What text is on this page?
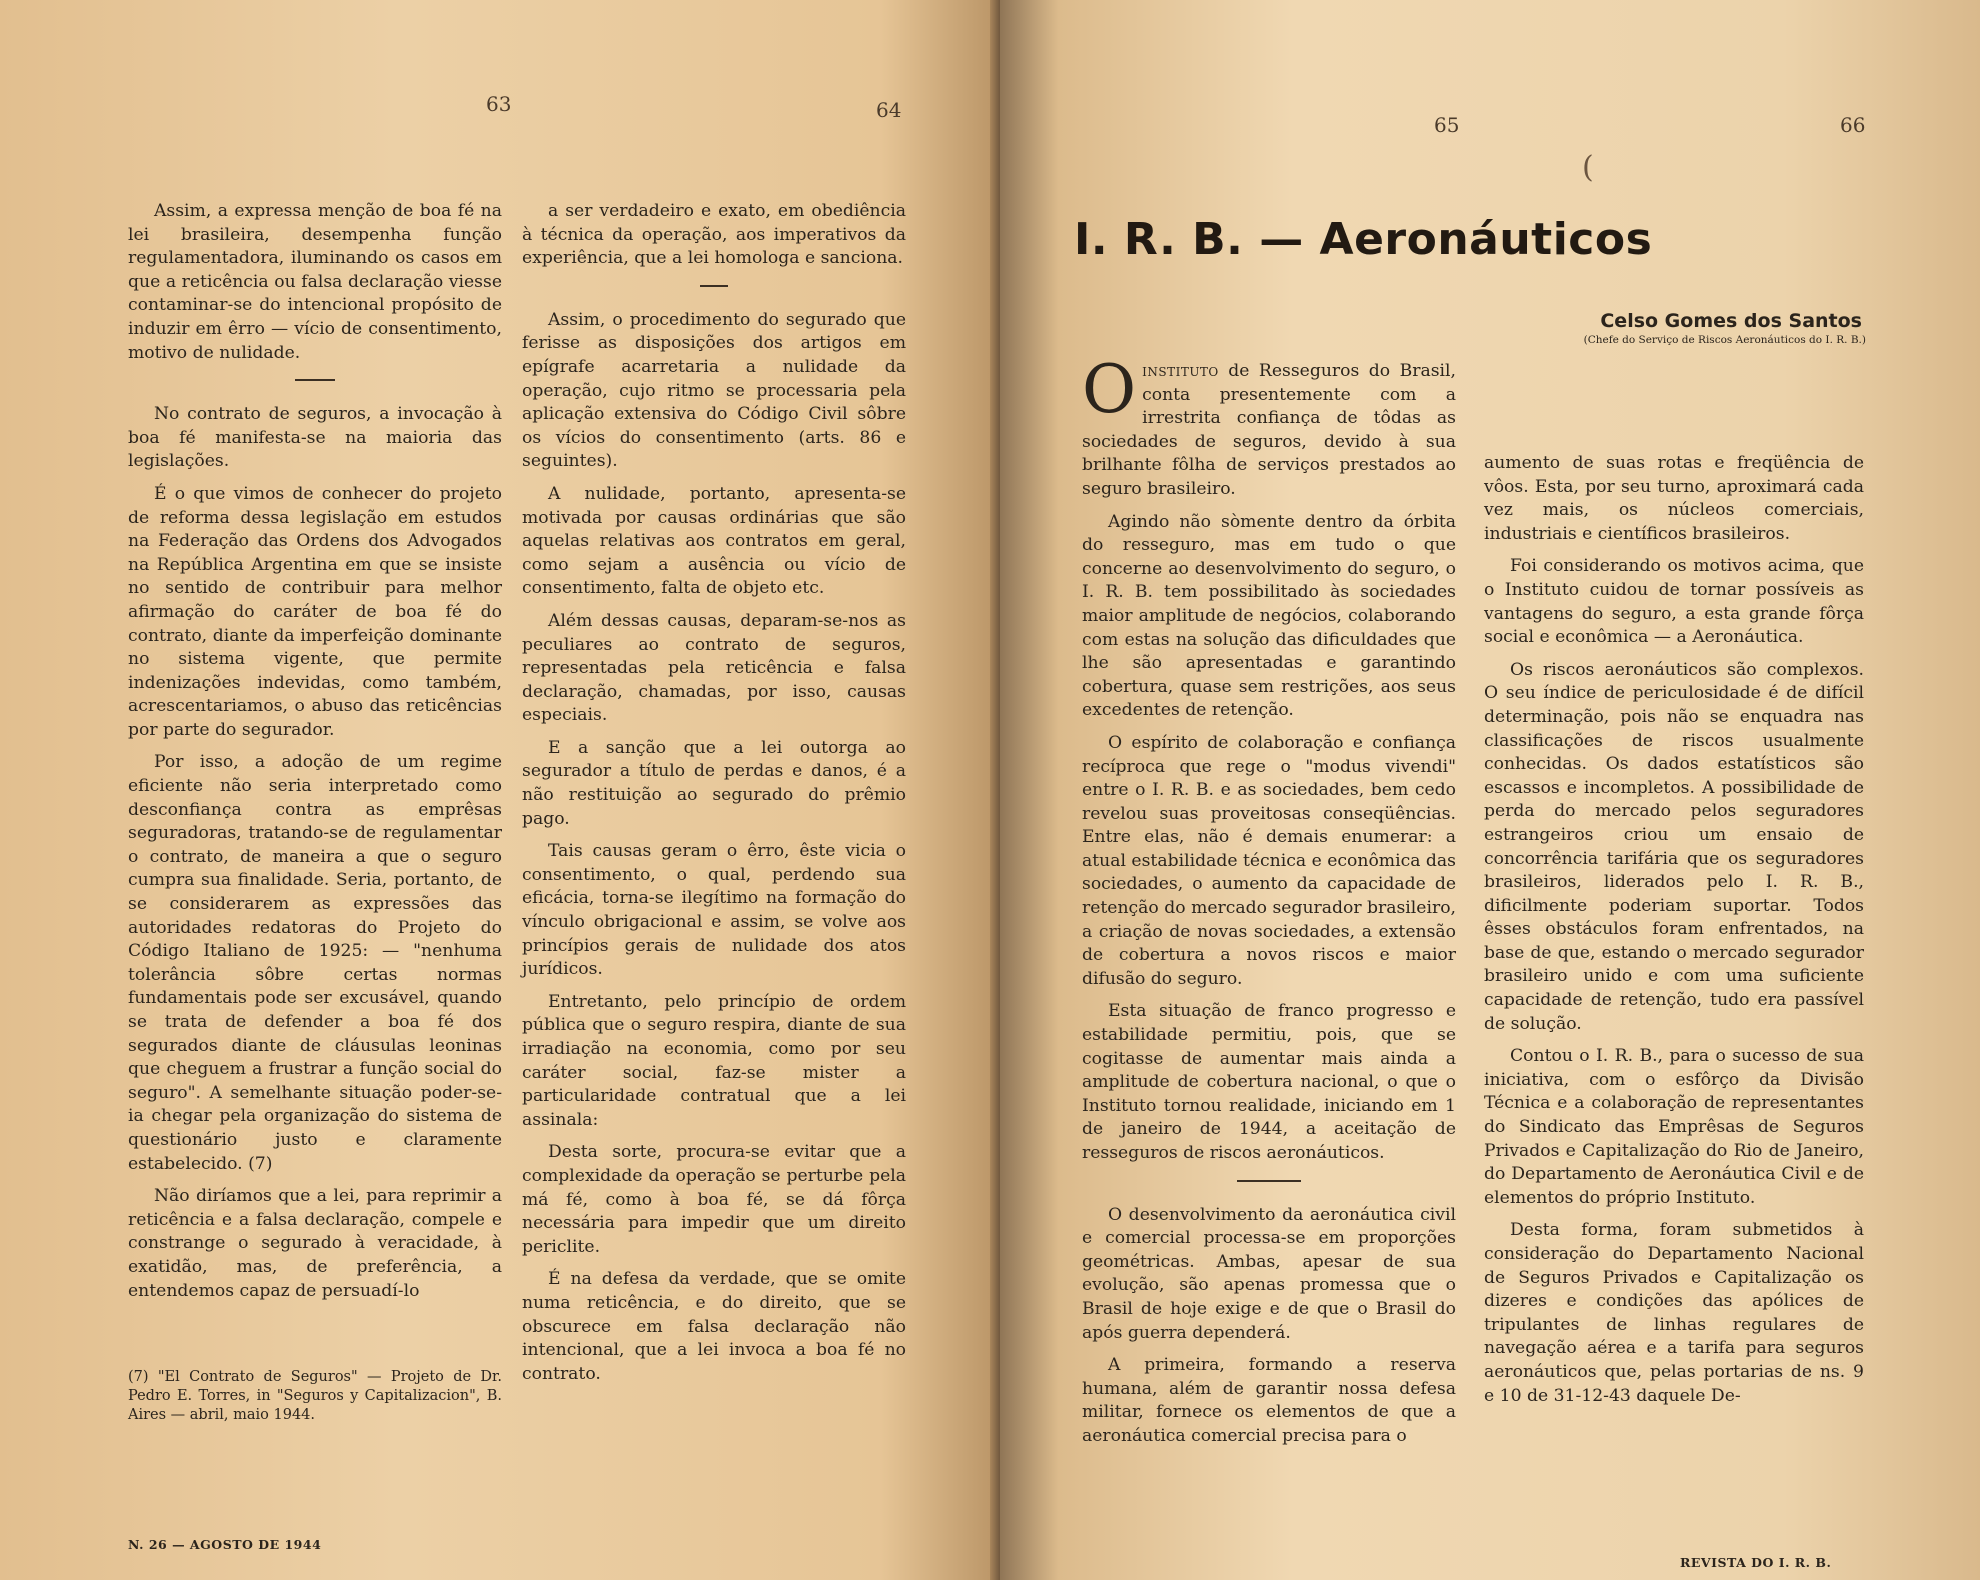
63	64

Assim, a expressa menção de boa fé na lei brasileira, desempenha função regulamentadora, iluminando os casos em que a reticência ou falsa declaração viesse contaminar-se do intencional propósito de induzir em êrro — vício de consentimento, motivo de nulidade.

No contrato de seguros, a invocação à boa fé manifesta-se na maioria das legislações.

É o que vimos de conhecer do projeto de reforma dessa legislação em estudos na Federação das Ordens dos Advogados na República Argentina em que se insiste no sentido de contribuir para melhor afirmação do caráter de boa fé do contrato, diante da imperfeição dominante no sistema vigente, que permite indenizações indevidas, como também, acrescentariamos, o abuso das reticências por parte do segurador.

Por isso, a adoção de um regime eficiente não seria interpretado como desconfiança contra as emprêsas seguradoras, tratando-se de regulamentar o contrato, de maneira a que o seguro cumpra sua finalidade. Seria, portanto, de se considerarem as expressões das autoridades redatoras do Projeto do Código Italiano de 1925: — "nenhuma tolerância sôbre certas normas fundamentais pode ser excusável, quando se trata de defender a boa fé dos segurados diante de cláusulas leoninas que cheguem a frustrar a função social do seguro". A semelhante situação poder-se-ia chegar pela organização do sistema de questionário justo e claramente estabelecido. (7)

Não diríamos que a lei, para reprimir a reticência e a falsa declaração, compele e constrange o segurado à veracidade, à exatidão, mas, de preferência, a entendemos capaz de persuadí-lo

(7) "El Contrato de Seguros" — Projeto de Dr. Pedro E. Torres, in "Seguros y Capitalizacion", B. Aires — abril, maio 1944.

a ser verdadeiro e exato, em obediência à técnica da operação, aos imperativos da experiência, que a lei homologa e sanciona.

Assim, o procedimento do segurado que ferisse as disposições dos artigos em epígrafe acarretaria a nulidade da operação, cujo ritmo se processaria pela aplicação extensiva do Código Civil sôbre os vícios do consentimento (arts. 86 e seguintes).

A nulidade, portanto, apresenta-se motivada por causas ordinárias que são aquelas relativas aos contratos em geral, como sejam a ausência ou vício de consentimento, falta de objeto etc.

Além dessas causas, deparam-se-nos as peculiares ao contrato de seguros, representadas pela reticência e falsa declaração, chamadas, por isso, causas especiais.

E a sanção que a lei outorga ao segurador a título de perdas e danos, é a não restituição ao segurado do prêmio pago.

Tais causas geram o êrro, êste vicia o consentimento, o qual, perdendo sua eficácia, torna-se ilegítimo na formação do vínculo obrigacional e assim, se volve aos princípios gerais de nulidade dos atos jurídicos.

Entretanto, pelo princípio de ordem pública que o seguro respira, diante de sua irradiação na economia, como por seu caráter social, faz-se mister a particularidade contratual que a lei assinala:

Desta sorte, procura-se evitar que a complexidade da operação se perturbe pela má fé, como à boa fé, se dá fôrça necessária para impedir que um direito periclite.

É na defesa da verdade, que se omite numa reticência, e do direito, que se obscurece em falsa declaração não intencional, que a lei invoca a boa fé no contrato.

N. 26 — AGOSTO DE 1944
65	66
(
I. R. B. — Aeronáuticos
Celso Gomes dos Santos
(Chefe do Serviço de Riscos Aeronáuticos do I. R. B.)

Oinstituto de Resseguros do Brasil, conta presentemente com a irrestrita confiança de tôdas as sociedades de seguros, devido à sua brilhante fôlha de serviços prestados ao seguro brasileiro.

Agindo não sòmente dentro da órbita do resseguro, mas em tudo o que concerne ao desenvolvimento do seguro, o I. R. B. tem possibilitado às sociedades maior amplitude de negócios, colaborando com estas na solução das dificuldades que lhe são apresentadas e garantindo cobertura, quase sem restrições, aos seus excedentes de retenção.

O espírito de colaboração e confiança recíproca que rege o "modus vivendi" entre o I. R. B. e as sociedades, bem cedo revelou suas proveitosas conseqüências. Entre elas, não é demais enumerar: a atual estabilidade técnica e econômica das sociedades, o aumento da capacidade de retenção do mercado segurador brasileiro, a criação de novas sociedades, a extensão de cobertura a novos riscos e maior difusão do seguro.

Esta situação de franco progresso e estabilidade permitiu, pois, que se cogitasse de aumentar mais ainda a amplitude de cobertura nacional, o que o Instituto tornou realidade, iniciando em 1 de janeiro de 1944, a aceitação de resseguros de riscos aeronáuticos.

O desenvolvimento da aeronáutica civil e comercial processa-se em proporções geométricas. Ambas, apesar de sua evolução, são apenas promessa que o Brasil de hoje exige e de que o Brasil do após guerra dependerá.

A primeira, formando a reserva humana, além de garantir nossa defesa militar, fornece os elementos de que a aeronáutica comercial precisa para o

aumento de suas rotas e freqüência de vôos. Esta, por seu turno, aproximará cada vez mais, os núcleos comerciais, industriais e científicos brasileiros.

Foi considerando os motivos acima, que o Instituto cuidou de tornar possíveis as vantagens do seguro, a esta grande fôrça social e econômica — a Aeronáutica.

Os riscos aeronáuticos são complexos. O seu índice de periculosidade é de difícil determinação, pois não se enquadra nas classificações de riscos usualmente conhecidas. Os dados estatísticos são escassos e incompletos. A possibilidade de perda do mercado pelos seguradores estrangeiros criou um ensaio de concorrência tarifária que os seguradores brasileiros, liderados pelo I. R. B., dificilmente poderiam suportar. Todos êsses obstáculos foram enfrentados, na base de que, estando o mercado segurador brasileiro unido e com uma suficiente capacidade de retenção, tudo era passível de solução.

Contou o I. R. B., para o sucesso de sua iniciativa, com o esfôrço da Divisão Técnica e a colaboração de representantes do Sindicato das Emprêsas de Seguros Privados e Capitalização do Rio de Janeiro, do Departamento de Aeronáutica Civil e de elementos do próprio Instituto.

Desta forma, foram submetidos à consideração do Departamento Nacional de Seguros Privados e Capitalização os dizeres e condições das apólices de tripulantes de linhas regulares de navegação aérea e a tarifa para seguros aeronáuticos que, pelas portarias de ns. 9 e 10 de 31-12-43 daquele De-

REVISTA DO I. R. B.
